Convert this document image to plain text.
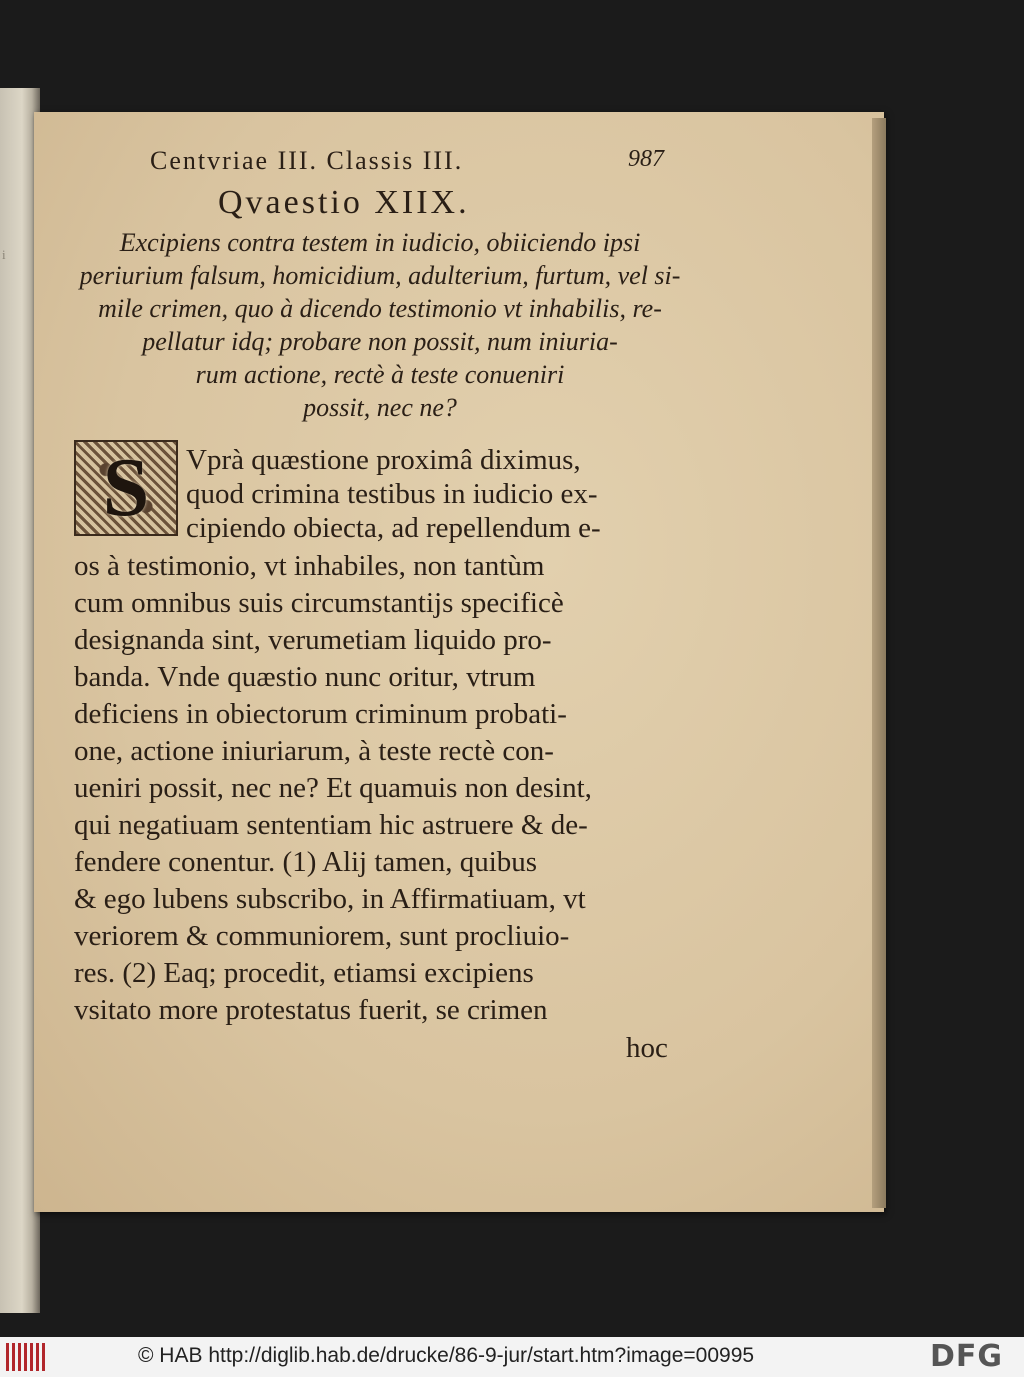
i
Centvriae III. Classis III.	987
Qvaestio XIIX.
Excipiens contra testem in iudicio, obiiciendo ipsi
periurium falsum, homicidium, adulterium, furtum, vel si-
mile crimen, quo à dicendo testimonio vt inhabilis, re-
pellatur idq; probare non possit, num iniuria-
rum actione, rectè à teste conueniri
possit, nec ne?
S Vprà quæstione proximâ diximus,
quod crimina testibus in iudicio ex-
cipiendo obiecta, ad repellendum e-
os à testimonio, vt inhabiles, non tantùm
cum omnibus suis circumstantijs specificè
designanda sint, verumetiam liquido pro-
banda. Vnde quæstio nunc oritur, vtrum
deficiens in obiectorum criminum probati-
one, actione iniuriarum, à teste rectè con-
ueniri possit, nec ne? Et quamuis non desint,
qui negatiuam sententiam hic astruere & de-
fendere conentur. (1) Alij tamen, quibus
& ego lubens subscribo, in Affirmatiuam, vt
veriorem & communiorem, sunt procliuio-
res. (2) Eaq; procedit, etiamsi excipiens
vsitato more protestatus fuerit, se crimen
hoc
© HAB http://diglib.hab.de/drucke/86-9-jur/start.htm?image=00995	DFG
